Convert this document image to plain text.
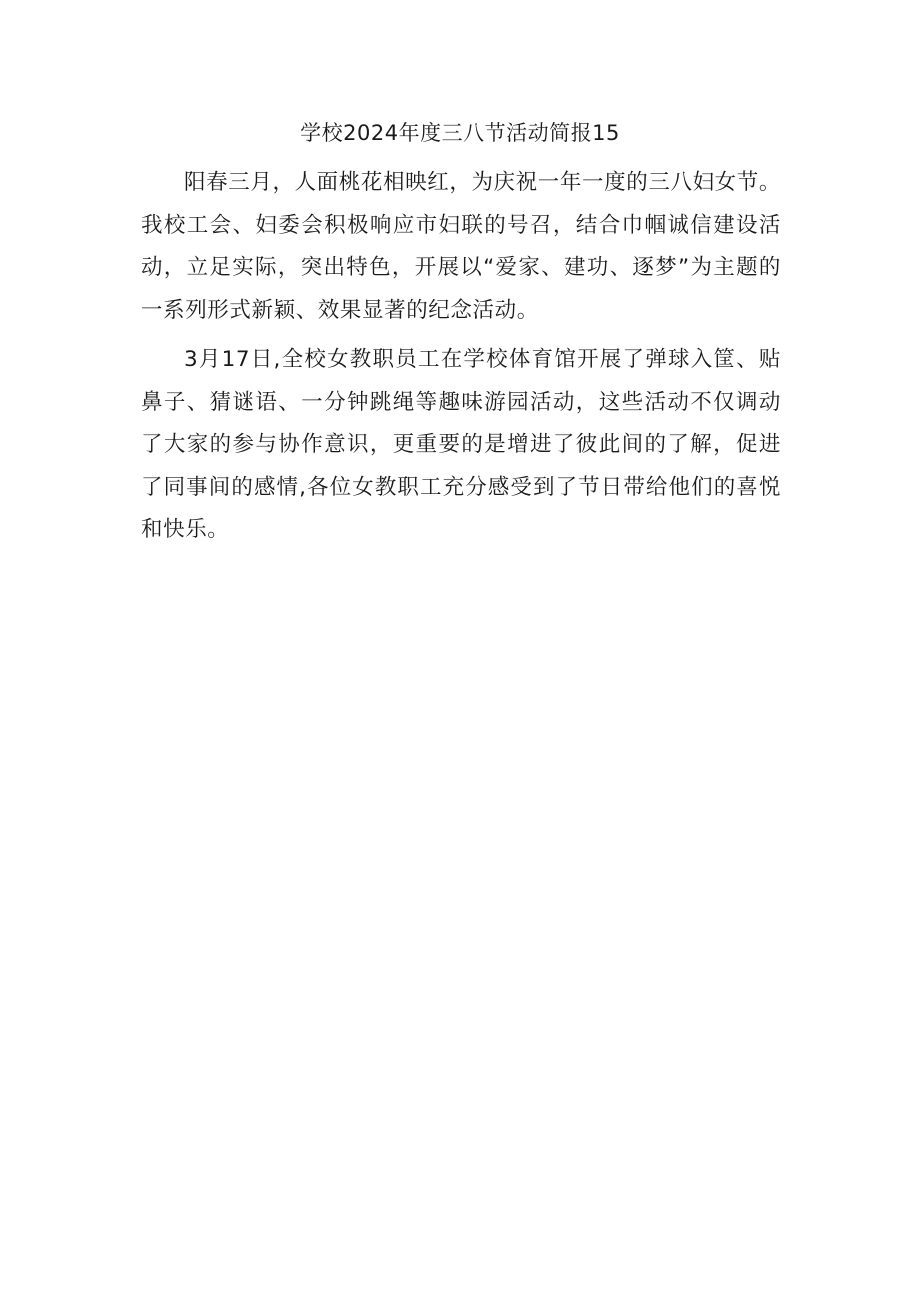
学校2024年度三八节活动简报15

阳春三月，人面桃花相映红，为庆祝一年一度的三八妇女节。我校工会、妇委会积极响应市妇联的号召，结合巾帼诚信建设活动，立足实际，突出特色，开展以“爱家、建功、逐梦”为主题的一系列形式新颖、效果显著的纪念活动。

3月17日,全校女教职员工在学校体育馆开展了弹球入筐、贴鼻子、猜谜语、一分钟跳绳等趣味游园活动，这些活动不仅调动了大家的参与协作意识，更重要的是增进了彼此间的了解，促进了同事间的感情,各位女教职工充分感受到了节日带给他们的喜悦和快乐。
